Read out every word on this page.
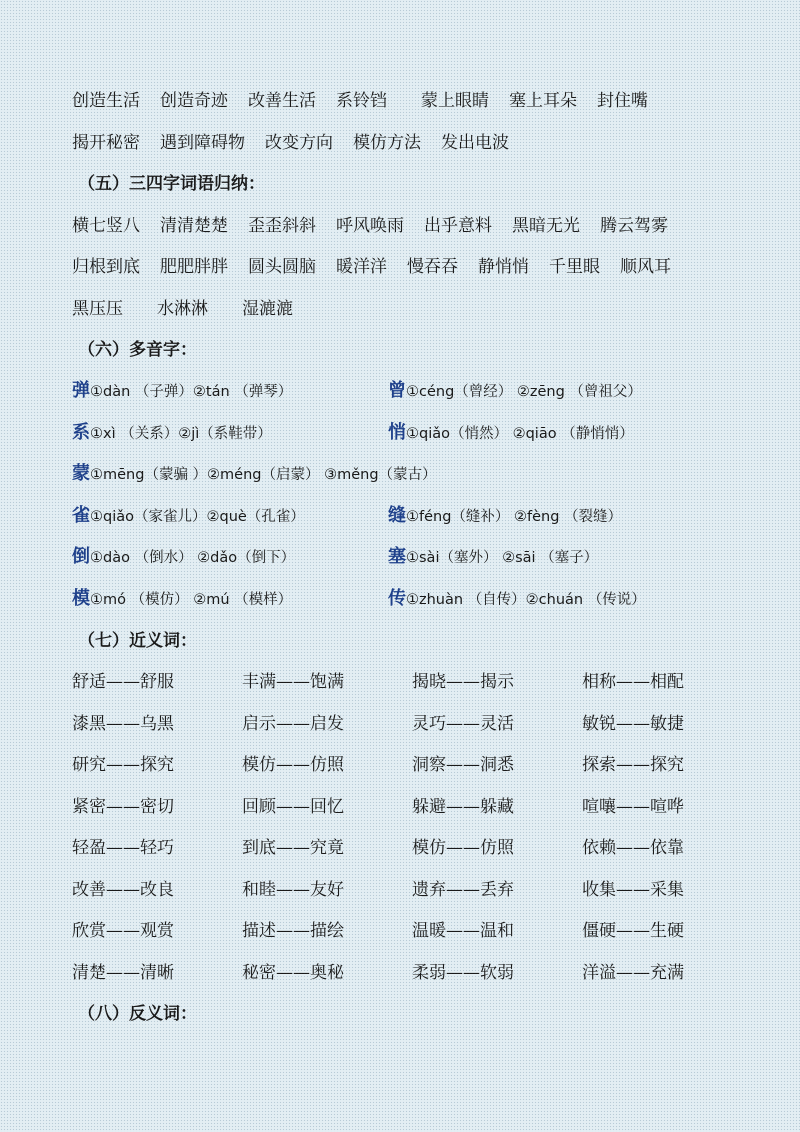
创造生活 创造奇迹 改善生活 系铃铛 蒙上眼睛 塞上耳朵 封住嘴
揭开秘密 遇到障碍物 改变方向 模仿方法 发出电波
（五）三四字词语归纳：
横七竖八 清清楚楚 歪歪斜斜 呼风唤雨 出乎意料 黑暗无光 腾云驾雾
归根到底 肥肥胖胖 圆头圆脑 暖洋洋 慢吞吞 静悄悄 千里眼 顺风耳
黑压压 水淋淋 湿漉漉
（六）多音字：
弹①dàn （子弹）②tán （弹琴）	曾①céng（曾经） ②zēng （曾祖父）
系①xì （关系）②jì（系鞋带）	悄①qiǎo（悄然） ②qiāo （静悄悄）
蒙①mēng（蒙骗 ）②méng（启蒙） ③měng（蒙古）
雀①qiǎo（家雀儿）②què（孔雀）	缝①féng（缝补） ②fèng （裂缝）
倒①dào （倒水） ②dǎo（倒下）	塞①sài（塞外） ②sāi （塞子）
模①mó （模仿） ②mú （模样）	传①zhuàn （自传）②chuán （传说）
（七）近义词：
舒适——舒服	丰满——饱满	揭晓——揭示	相称——相配
漆黑——乌黑	启示——启发	灵巧——灵活	敏锐——敏捷
研究——探究	模仿——仿照	洞察——洞悉	探索——探究
紧密——密切	回顾——回忆	躲避——躲藏	喧嚷——喧哗
轻盈——轻巧	到底——究竟	模仿——仿照	依赖——依靠
改善——改良	和睦——友好	遗弃——丢弃	收集——采集
欣赏——观赏	描述——描绘	温暖——温和	僵硬——生硬
清楚——清晰	秘密——奥秘	柔弱——软弱	洋溢——充满
（八）反义词：
